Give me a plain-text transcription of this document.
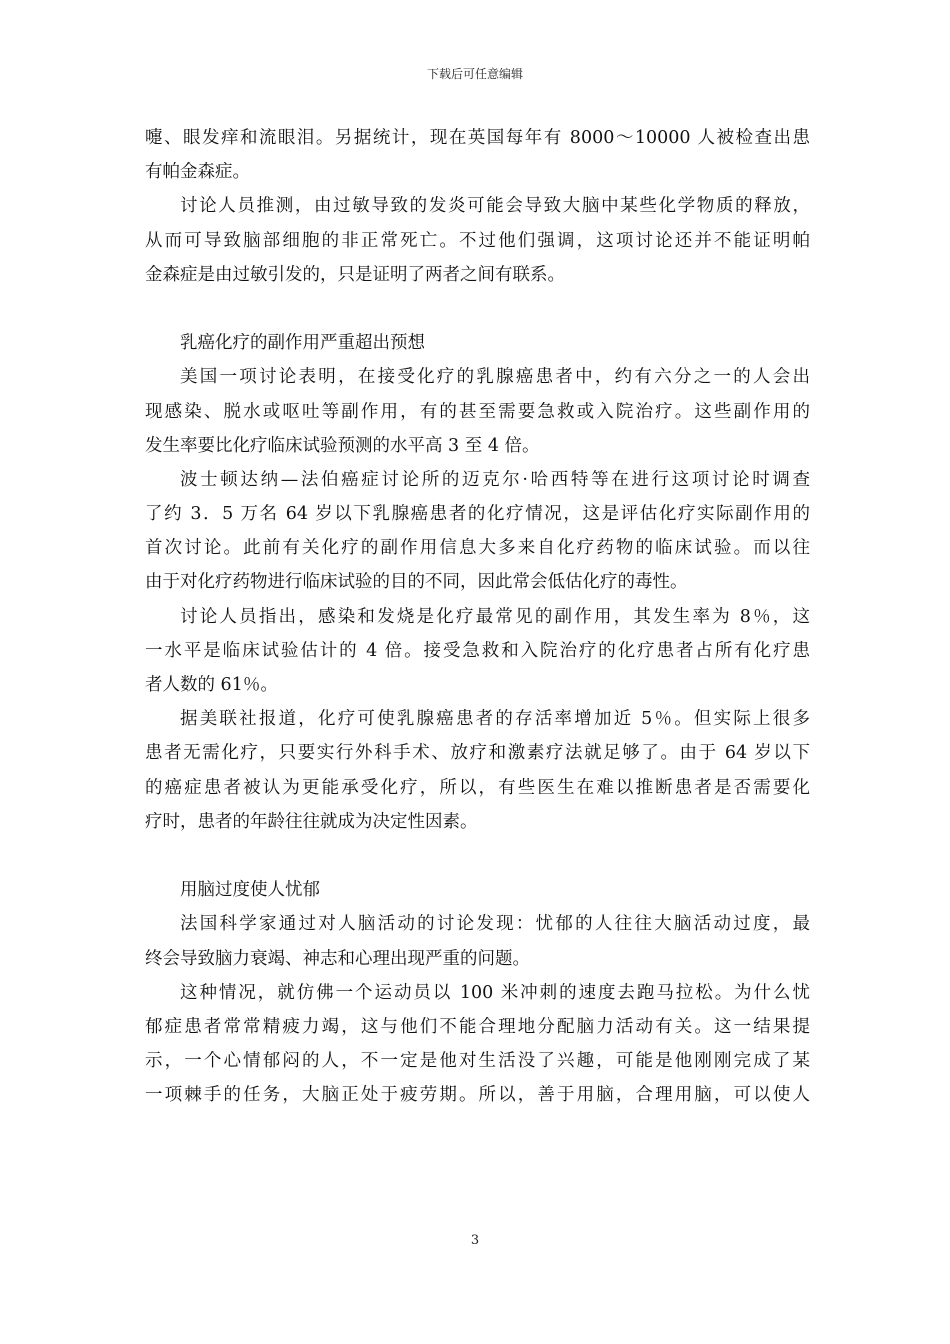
下载后可任意编辑
嚏、眼发痒和流眼泪。另据统计，现在英国每年有 8000～10000 人被检查出患
有帕金森症。
讨论人员推测，由过敏导致的发炎可能会导致大脑中某些化学物质的释放，
从而可导致脑部细胞的非正常死亡。不过他们强调，这项讨论还并不能证明帕
金森症是由过敏引发的，只是证明了两者之间有联系。
乳癌化疗的副作用严重超出预想
美国一项讨论表明，在接受化疗的乳腺癌患者中，约有六分之一的人会出
现感染、脱水或呕吐等副作用，有的甚至需要急救或入院治疗。这些副作用的
发生率要比化疗临床试验预测的水平高 3 至 4 倍。
波士顿达纳—法伯癌症讨论所的迈克尔·哈西特等在进行这项讨论时调查
了约 3．5 万名 64 岁以下乳腺癌患者的化疗情况，这是评估化疗实际副作用的
首次讨论。此前有关化疗的副作用信息大多来自化疗药物的临床试验。而以往
由于对化疗药物进行临床试验的目的不同，因此常会低估化疗的毒性。
讨论人员指出，感染和发烧是化疗最常见的副作用，其发生率为 8％，这
一水平是临床试验估计的 4 倍。接受急救和入院治疗的化疗患者占所有化疗患
者人数的 61％。
据美联社报道，化疗可使乳腺癌患者的存活率增加近 5％。但实际上很多
患者无需化疗，只要实行外科手术、放疗和激素疗法就足够了。由于 64 岁以下
的癌症患者被认为更能承受化疗，所以，有些医生在难以推断患者是否需要化
疗时，患者的年龄往往就成为决定性因素。
用脑过度使人忧郁
法国科学家通过对人脑活动的讨论发现：忧郁的人往往大脑活动过度，最
终会导致脑力衰竭、神志和心理出现严重的问题。
这种情况，就仿佛一个运动员以 100 米冲刺的速度去跑马拉松。为什么忧
郁症患者常常精疲力竭，这与他们不能合理地分配脑力活动有关。这一结果提
示，一个心情郁闷的人，不一定是他对生活没了兴趣，可能是他刚刚完成了某
一项棘手的任务，大脑正处于疲劳期。所以，善于用脑，合理用脑，可以使人
3
